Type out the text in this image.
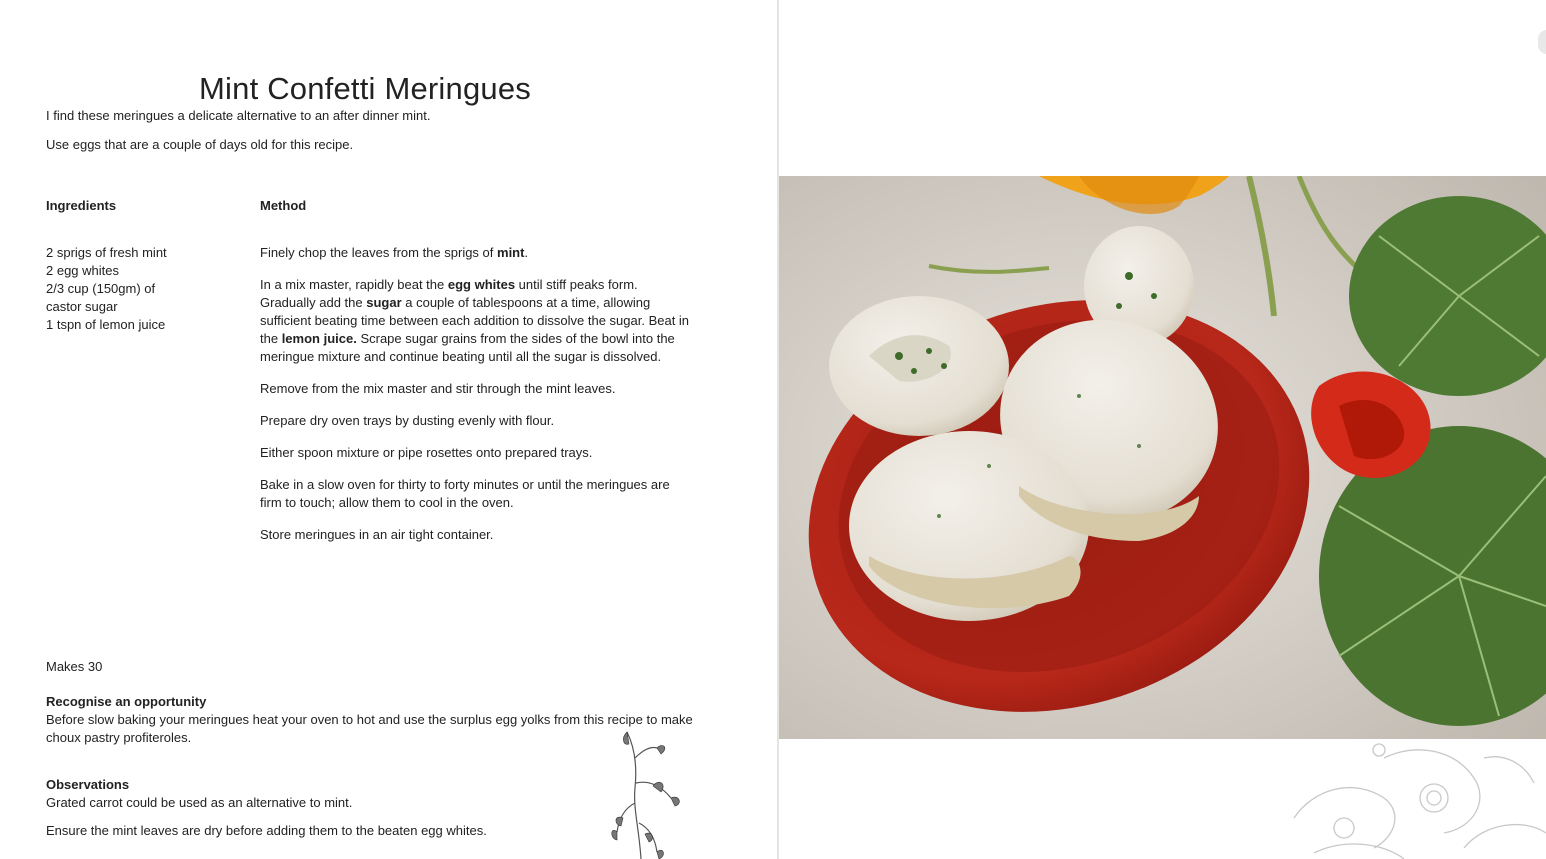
Mint Confetti Meringues

I find these meringues a delicate alternative to an after dinner mint.

Use eggs that are a couple of days old for this recipe.

Ingredients	Method

2 sprigs of fresh mint
2 egg whites
2/3 cup (150gm) of
castor sugar
1 tspn of lemon juice

Finely chop the leaves from the sprigs of mint.

In a mix master, rapidly beat the egg whites until stiff peaks form. Gradually add the sugar a couple of tablespoons at a time, allowing sufficient beating time between each addition to dissolve the sugar. Beat in the lemon juice. Scrape sugar grains from the sides of the bowl into the meringue mixture and continue beating until all the sugar is dissolved.

Remove from the mix master and stir through the mint leaves.

Prepare dry oven trays by dusting evenly with flour.

Either spoon mixture or pipe rosettes onto prepared trays.

Bake in a slow oven for thirty to forty minutes or until the meringues are firm to touch; allow them to cool in the oven.

Store meringues in an air tight container.

Makes 30

Recognise an opportunity
Before slow baking your meringues heat your oven to hot and use the surplus egg yolks from this recipe to make choux pastry profiteroles.
Observations
Grated carrot could be used as an alternative to mint.
Ensure the mint leaves are dry before adding them to the beaten egg whites.
